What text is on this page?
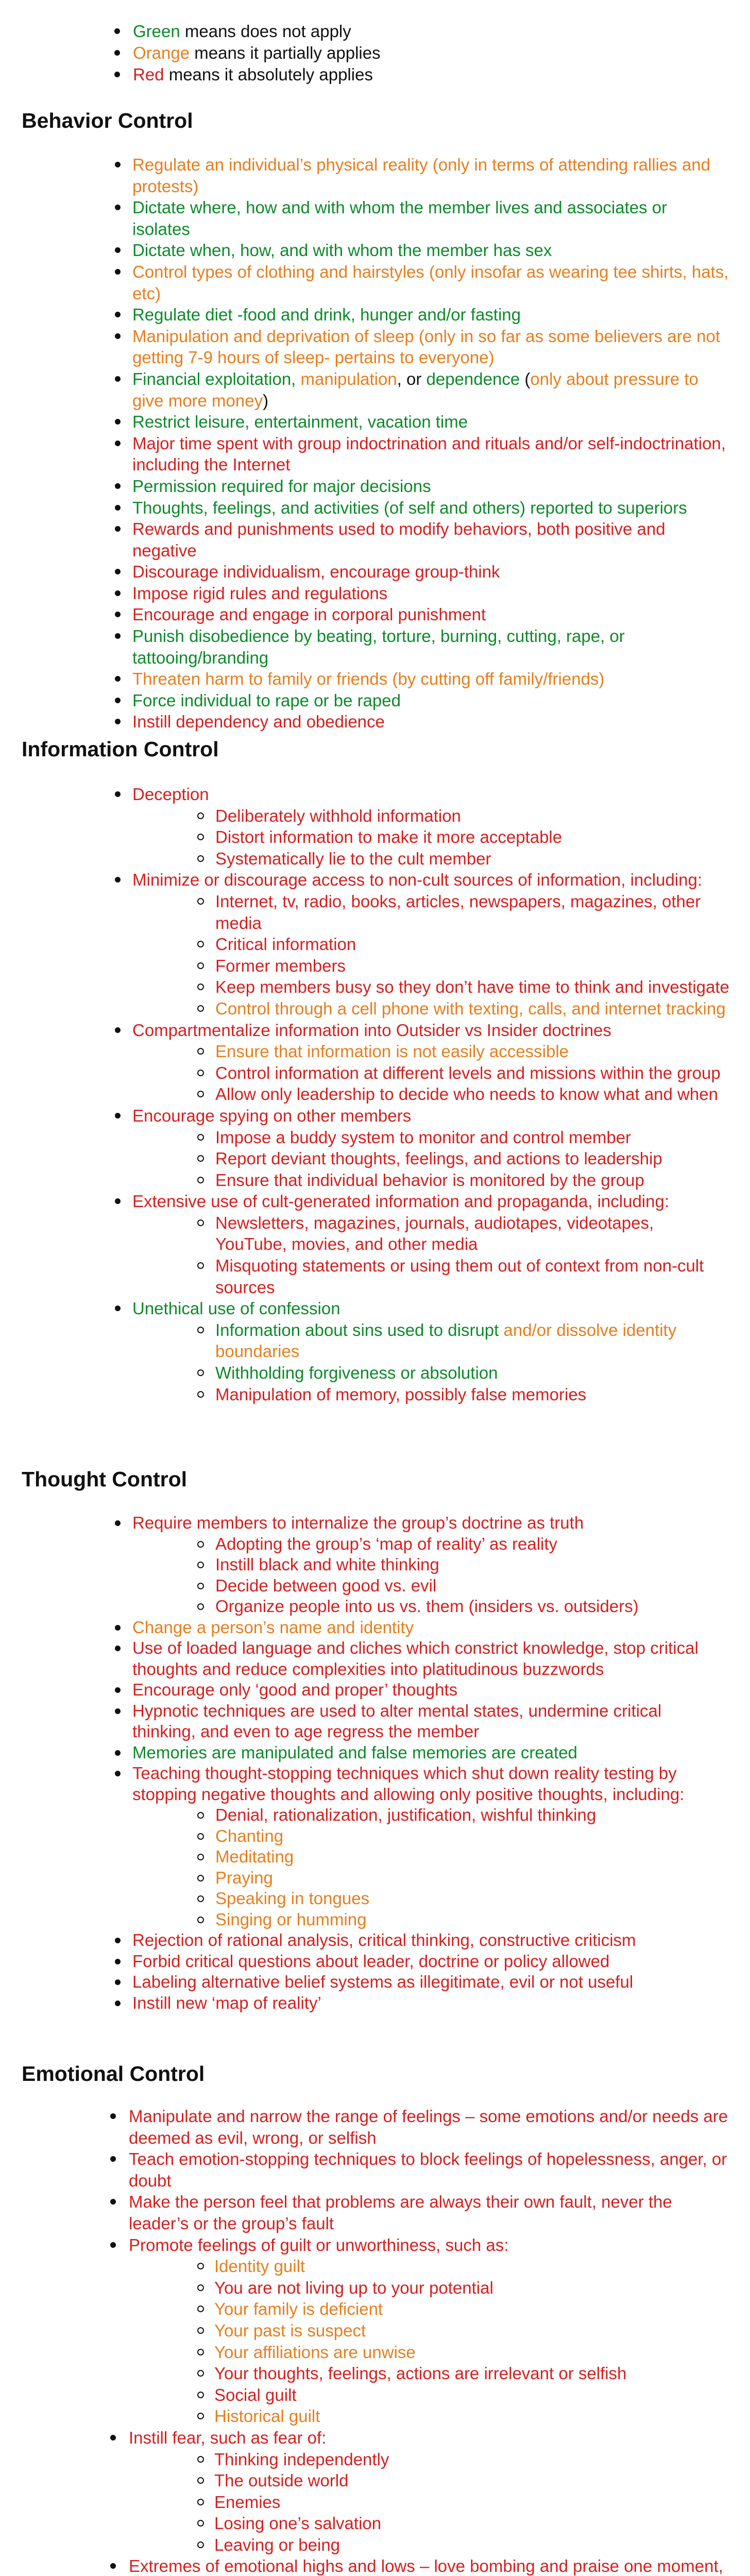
Green means does not apply
Orange means it partially applies
Red means it absolutely applies
Behavior Control
Regulate an individual’s physical reality (only in terms of attending rallies and protests)
Dictate where, how and with whom the member lives and associates or isolates
Dictate when, how, and with whom the member has sex
Control types of clothing and hairstyles (only insofar as wearing tee shirts, hats, etc)
Regulate diet -food and drink, hunger and/or fasting
Manipulation and deprivation of sleep (only in so far as some believers are not getting 7-9 hours of sleep- pertains to everyone)
Financial exploitation, manipulation, or dependence (only about pressure to give more money)
Restrict leisure, entertainment, vacation time
Major time spent with group indoctrination and rituals and/or self-indoctrination, including the Internet
Permission required for major decisions
Thoughts, feelings, and activities (of self and others) reported to superiors
Rewards and punishments used to modify behaviors, both positive and negative
Discourage individualism, encourage group-think
Impose rigid rules and regulations
Encourage and engage in corporal punishment
Punish disobedience by beating, torture, burning, cutting, rape, or tattooing/branding
Threaten harm to family or friends (by cutting off family/friends)
Force individual to rape or be raped
Instill dependency and obedience
Information Control
Deception
Deliberately withhold information
Distort information to make it more acceptable
Systematically lie to the cult member
Minimize or discourage access to non-cult sources of information, including:
Internet, tv, radio, books, articles, newspapers, magazines, other media
Critical information
Former members
Keep members busy so they don’t have time to think and investigate
Control through a cell phone with texting, calls, and internet tracking
Compartmentalize information into Outsider vs Insider doctrines
Ensure that information is not easily accessible
Control information at different levels and missions within the group
Allow only leadership to decide who needs to know what and when
Encourage spying on other members
Impose a buddy system to monitor and control member
Report deviant thoughts, feelings, and actions to leadership
Ensure that individual behavior is monitored by the group
Extensive use of cult-generated information and propaganda, including:
Newsletters, magazines, journals, audiotapes, videotapes, YouTube, movies, and other media
Misquoting statements or using them out of context from non-cult sources
Unethical use of confession
Information about sins used to disrupt and/or dissolve identity boundaries
Withholding forgiveness or absolution
Manipulation of memory, possibly false memories
Thought Control
Require members to internalize the group’s doctrine as truth
Adopting the group’s ‘map of reality’ as reality
Instill black and white thinking
Decide between good vs. evil
Organize people into us vs. them (insiders vs. outsiders)
Change a person’s name and identity
Use of loaded language and cliches which constrict knowledge, stop critical thoughts and reduce complexities into platitudinous buzzwords
Encourage only ‘good and proper’ thoughts
Hypnotic techniques are used to alter mental states, undermine critical thinking, and even to age regress the member
Memories are manipulated and false memories are created
Teaching thought-stopping techniques which shut down reality testing by stopping negative thoughts and allowing only positive thoughts, including:
Denial, rationalization, justification, wishful thinking
Chanting
Meditating
Praying
Speaking in tongues
Singing or humming
Rejection of rational analysis, critical thinking, constructive criticism
Forbid critical questions about leader, doctrine or policy allowed
Labeling alternative belief systems as illegitimate, evil or not useful
Instill new ‘map of reality’
Emotional Control
Manipulate and narrow the range of feelings – some emotions and/or needs are deemed as evil, wrong, or selfish
Teach emotion-stopping techniques to block feelings of hopelessness, anger, or doubt
Make the person feel that problems are always their own fault, never the leader’s or the group’s fault
Promote feelings of guilt or unworthiness, such as:
Identity guilt
You are not living up to your potential
Your family is deficient
Your past is suspect
Your affiliations are unwise
Your thoughts, feelings, actions are irrelevant or selfish
Social guilt
Historical guilt
Instill fear, such as fear of:
Thinking independently
The outside world
Enemies
Losing one’s salvation
Leaving or being
Extremes of emotional highs and lows – love bombing and praise one moment,
